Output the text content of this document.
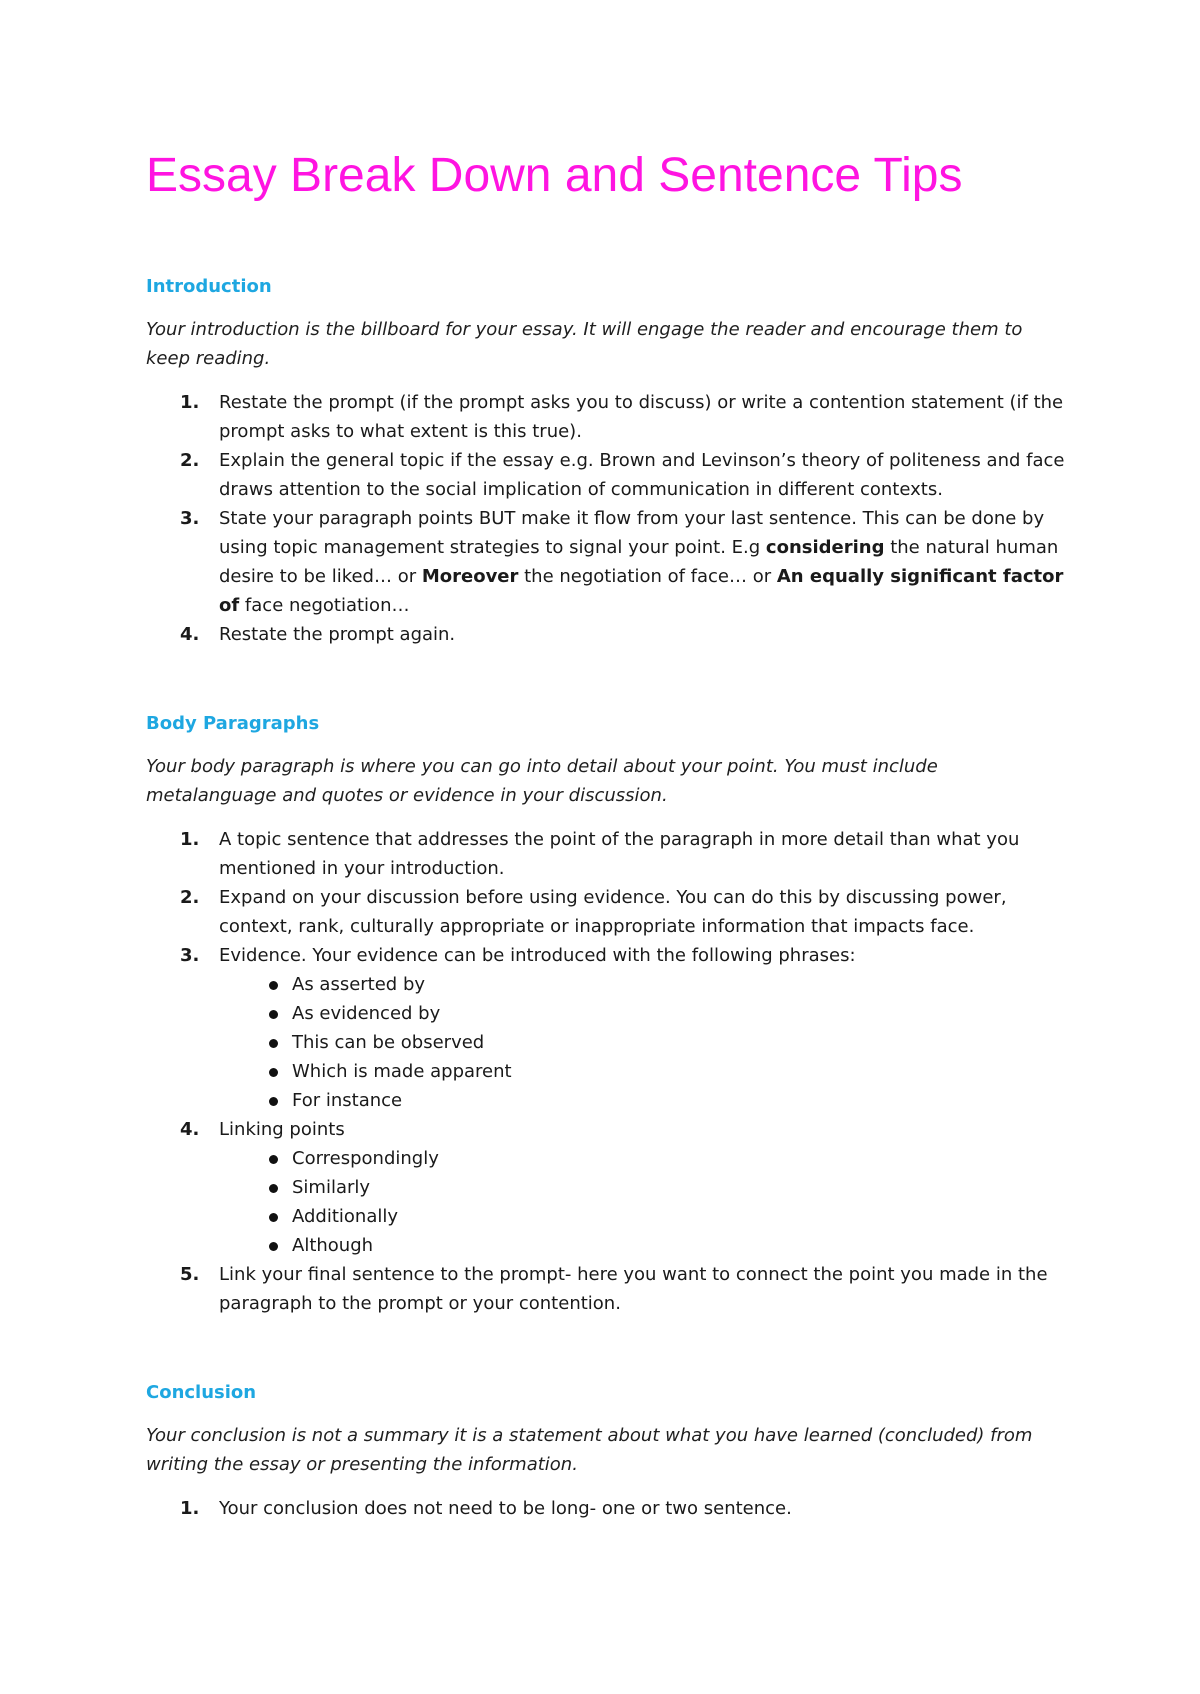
Essay Break Down and Sentence Tips
Introduction

Your introduction is the billboard for your essay. It will engage the reader and encourage them to keep reading.

1. Restate the prompt (if the prompt asks you to discuss) or write a contention statement (if the prompt asks to what extent is this true).
2. Explain the general topic if the essay e.g. Brown and Levinson’s theory of politeness and face draws attention to the social implication of communication in different contexts.
3. State your paragraph points BUT make it flow from your last sentence. This can be done by using topic management strategies to signal your point. E.g considering the natural human desire to be liked… or Moreover the negotiation of face… or An equally significant factor of face negotiation…
4. Restate the prompt again.
Body Paragraphs

Your body paragraph is where you can go into detail about your point. You must include metalanguage and quotes or evidence in your discussion.

1. A topic sentence that addresses the point of the paragraph in more detail than what you mentioned in your introduction.
2. Expand on your discussion before using evidence. You can do this by discussing power, context, rank, culturally appropriate or inappropriate information that impacts face.
3. Evidence. Your evidence can be introduced with the following phrases:
As asserted by
As evidenced by
This can be observed
Which is made apparent
For instance
4. Linking points
Correspondingly
Similarly
Additionally
Although
5. Link your final sentence to the prompt- here you want to connect the point you made in the paragraph to the prompt or your contention.
Conclusion

Your conclusion is not a summary it is a statement about what you have learned (concluded) from writing the essay or presenting the information.

1. Your conclusion does not need to be long- one or two sentence.
